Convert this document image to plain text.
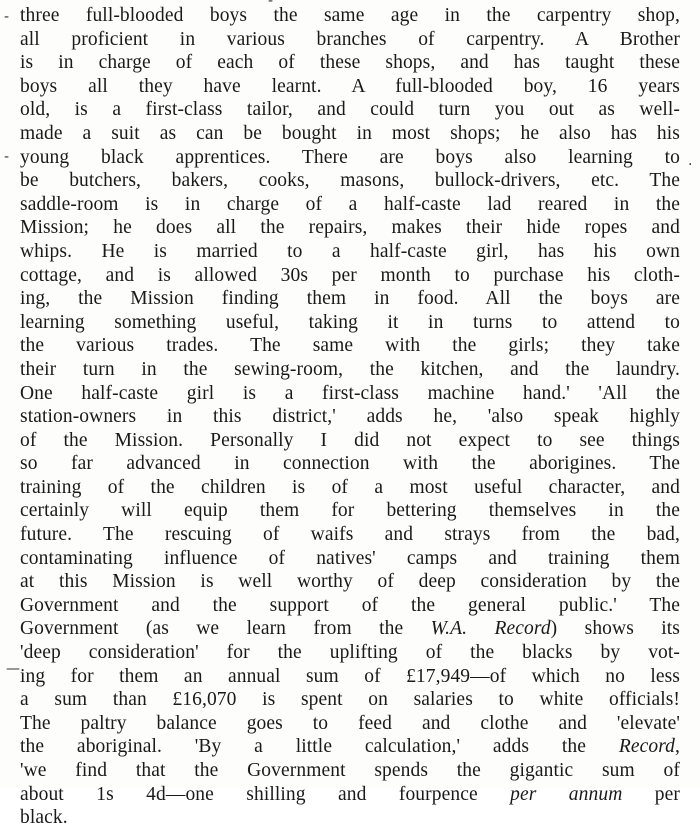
-
-
-	·
—
three full-blooded boys the same age in the carpentry shop,
all proficient in various branches of carpentry. A Brother
is in charge of each of these shops, and has taught these
boys all they have learnt. A full-blooded boy, 16 years
old, is a first-class tailor, and could turn you out as well-
made a suit as can be bought in most shops; he also has his
young black apprentices. There are boys also learning to
be butchers, bakers, cooks, masons, bullock-drivers, etc. The
saddle-room is in charge of a half-caste lad reared in the
Mission; he does all the repairs, makes their hide ropes and
whips. He is married to a half-caste girl, has his own
cottage, and is allowed 30s per month to purchase his cloth-
ing, the Mission finding them in food. All the boys are
learning something useful, taking it in turns to attend to
the various trades. The same with the girls; they take
their turn in the sewing-room, the kitchen, and the laundry.
One half-caste girl is a first-class machine hand.' 'All the
station-owners in this district,' adds he, 'also speak highly
of the Mission. Personally I did not expect to see things
so far advanced in connection with the aborigines. The
training of the children is of a most useful character, and
certainly will equip them for bettering themselves in the
future. The rescuing of waifs and strays from the bad,
contaminating influence of natives' camps and training them
at this Mission is well worthy of deep consideration by the
Government and the support of the general public.' The
Government (as we learn from the W.A. Record) shows its
'deep consideration' for the uplifting of the blacks by vot-
ing for them an annual sum of £17,949—of which no less
a sum than £16,070 is spent on salaries to white officials!
The paltry balance goes to feed and clothe and 'elevate'
the aboriginal. 'By a little calculation,' adds the Record,
'we find that the Government spends the gigantic sum of
about 1s 4d—one shilling and fourpence per annum per
black.
